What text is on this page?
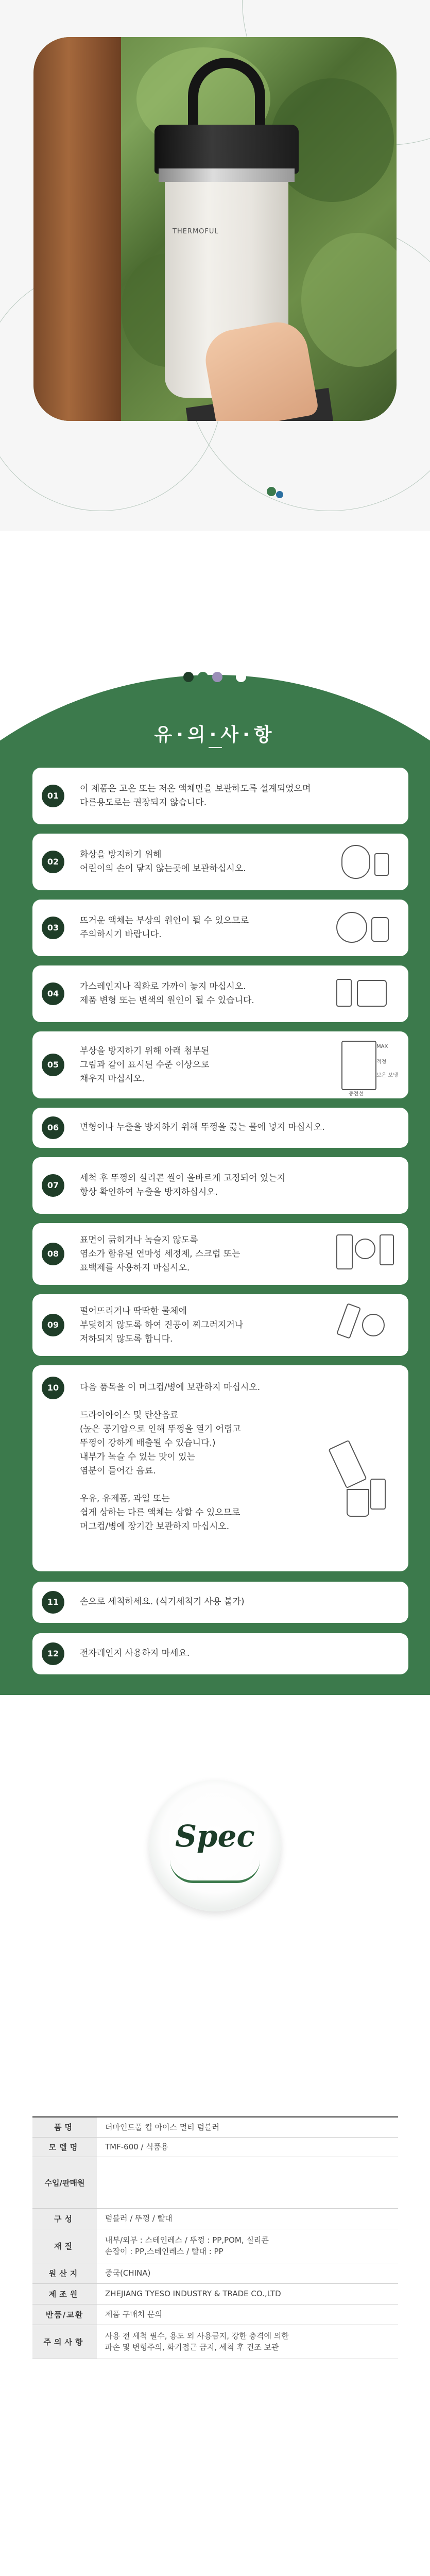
THERMOFUL
유·의·사·항
01
이 제품은 고온 또는 저온 액체만을 보관하도록 설계되었으며
다른용도로는 권장되지 않습니다.
02
화상을 방지하기 위해
어린이의 손이 닿지 않는곳에 보관하십시오.
03
뜨거운 액체는 부상의 원인이 될 수 있으므로
주의하시기 바랍니다.
04
가스레인지나 직화로 가까이 놓지 마십시오.
제품 변형 또는 변색의 원인이 될 수 있습니다.
05
부상을 방지하기 위해 아래 첨부된
그림과 같이 표시된 수준 이상으로
채우지 마십시오.
MAX
적정
보온 보냉
충전선
06	변형이나 누출을 방지하기 위해 뚜껑을 끓는 물에 넣지 마십시오.
07
세척 후 뚜껑의 실리콘 씰이 올바르게 고정되어 있는지
항상 확인하여 누출을 방지하십시오.
08
표면이 긁히거나 녹슬지 않도록
염소가 함유된 연마성 세정제, 스크럽 또는
표백제를 사용하지 마십시오.
09
떨어뜨리거나 딱딱한 물체에
부딪히지 않도록 하여 진공이 찌그러지거나
저하되지 않도록 합니다.
10	다음 품목을 이 머그컵/병에 보관하지 마십시오.

드라이아이스 및 탄산음료
(높은 공기압으로 인해 뚜껑을 열기 어렵고
뚜껑이 강하게 배출될 수 있습니다.)
내부가 녹슬 수 있는 맛이 있는
염분이 들어간 음료.

우유, 유제품, 과일 또는
쉽게 상하는 다른 액체는 상할 수 있으므로
머그컵/병에 장기간 보관하지 마십시오.
11	손으로 세척하세요. (식기세척기 사용 불가)
12	전자레인지 사용하지 마세요.
Spec
품명	더마인드풀 컵 아이스 멀티 텀블러
모델명	TMF-600 / 식품용
수입/판매원	
구성	텀블러 / 뚜껑 / 빨대
재질	내부/외부 : 스테인레스 / 뚜껑 : PP,POM, 실리콘
손잡이 : PP,스테인레스 / 빨대 : PP
원산지	중국(CHINA)
제조원	ZHEJIANG TYESO INDUSTRY & TRADE CO.,LTD
반품/교환	제품 구매처 문의
주의사항	사용 전 세척 필수, 용도 외 사용금지, 강한 충격에 의한
파손 및 변형주의, 화기접근 금지, 세척 후 건조 보관
